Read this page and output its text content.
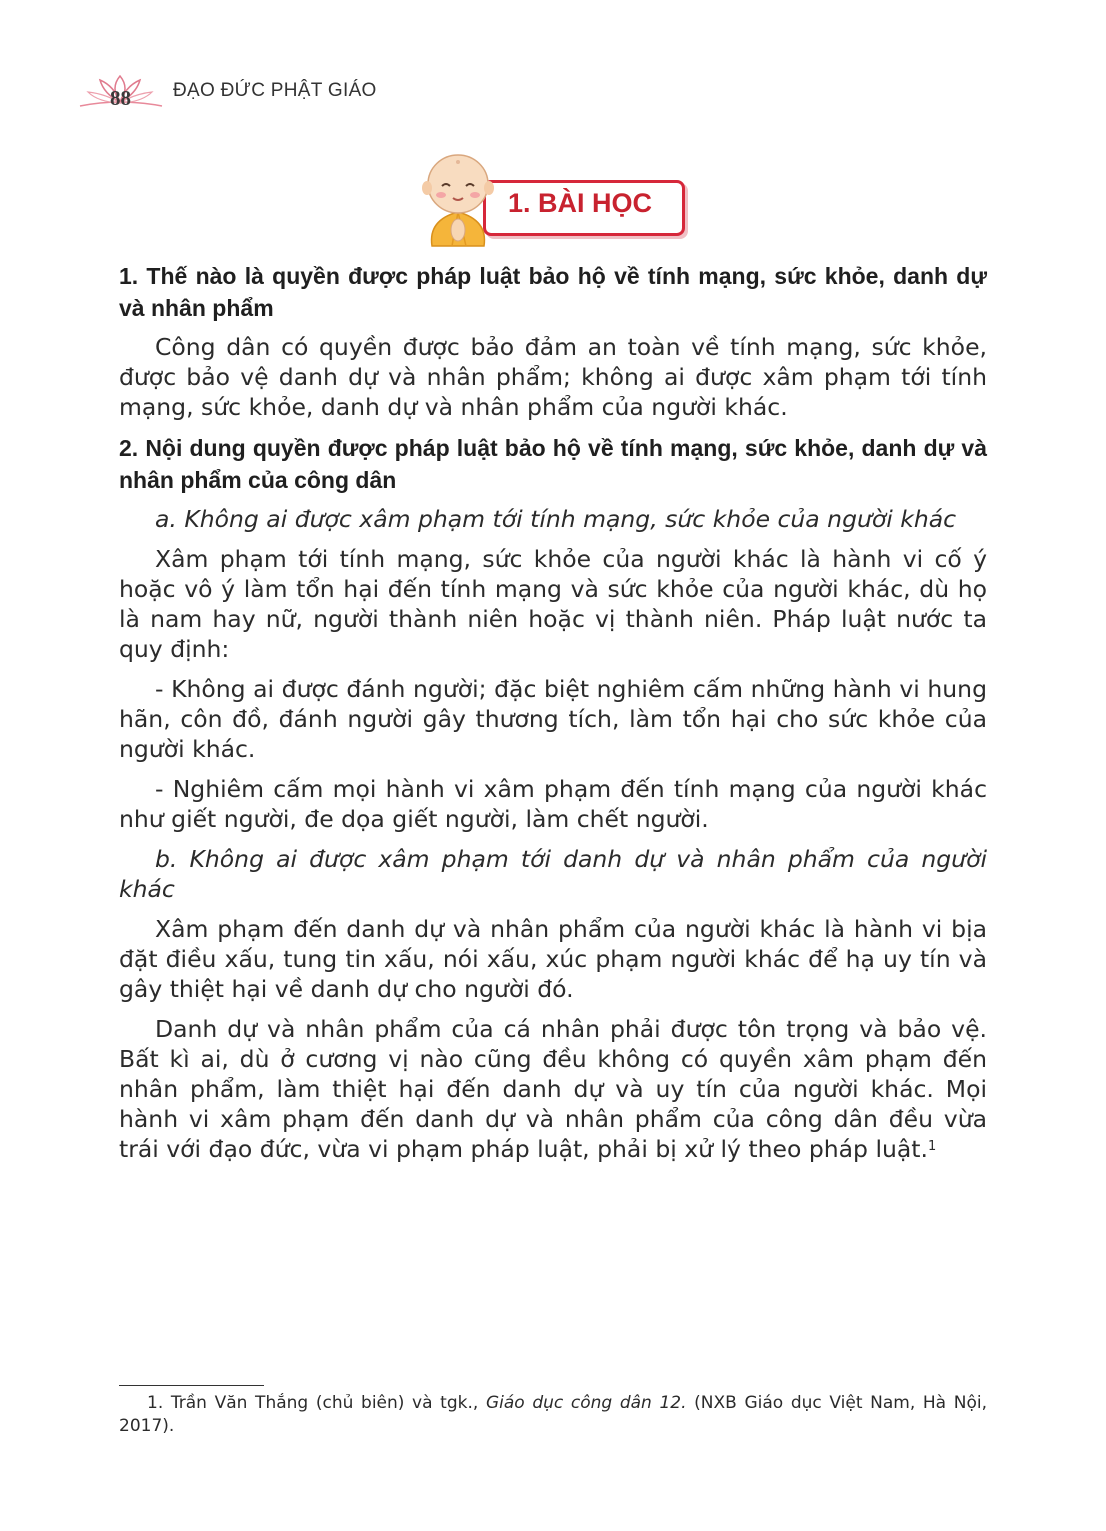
88 ĐẠO ĐỨC PHẬT GIÁO
1. BÀI HỌC

1. Thế nào là quyền được pháp luật bảo hộ về tính mạng, sức khỏe, danh dự và nhân phẩm

Công dân có quyền được bảo đảm an toàn về tính mạng, sức khỏe, được bảo vệ danh dự và nhân phẩm; không ai được xâm phạm tới tính mạng, sức khỏe, danh dự và nhân phẩm của người khác.

2. Nội dung quyền được pháp luật bảo hộ về tính mạng, sức khỏe, danh dự và nhân phẩm của công dân

a. Không ai được xâm phạm tới tính mạng, sức khỏe của người khác

Xâm phạm tới tính mạng, sức khỏe của người khác là hành vi cố ý hoặc vô ý làm tổn hại đến tính mạng và sức khỏe của người khác, dù họ là nam hay nữ, người thành niên hoặc vị thành niên. Pháp luật nước ta quy định:

- Không ai được đánh người; đặc biệt nghiêm cấm những hành vi hung hãn, côn đồ, đánh người gây thương tích, làm tổn hại cho sức khỏe của người khác.

- Nghiêm cấm mọi hành vi xâm phạm đến tính mạng của người khác như giết người, đe dọa giết người, làm chết người.

b. Không ai được xâm phạm tới danh dự và nhân phẩm của người khác

Xâm phạm đến danh dự và nhân phẩm của người khác là hành vi bịa đặt điều xấu, tung tin xấu, nói xấu, xúc phạm người khác để hạ uy tín và gây thiệt hại về danh dự cho người đó.

Danh dự và nhân phẩm của cá nhân phải được tôn trọng và bảo vệ. Bất kì ai, dù ở cương vị nào cũng đều không có quyền xâm phạm đến nhân phẩm, làm thiệt hại đến danh dự và uy tín của người khác. Mọi hành vi xâm phạm đến danh dự và nhân phẩm của công dân đều vừa trái với đạo đức, vừa vi phạm pháp luật, phải bị xử lý theo pháp luật.$^1$

1. Trần Văn Thắng (chủ biên) và tgk., Giáo dục công dân 12. (NXB Giáo dục Việt Nam, Hà Nội, 2017).
